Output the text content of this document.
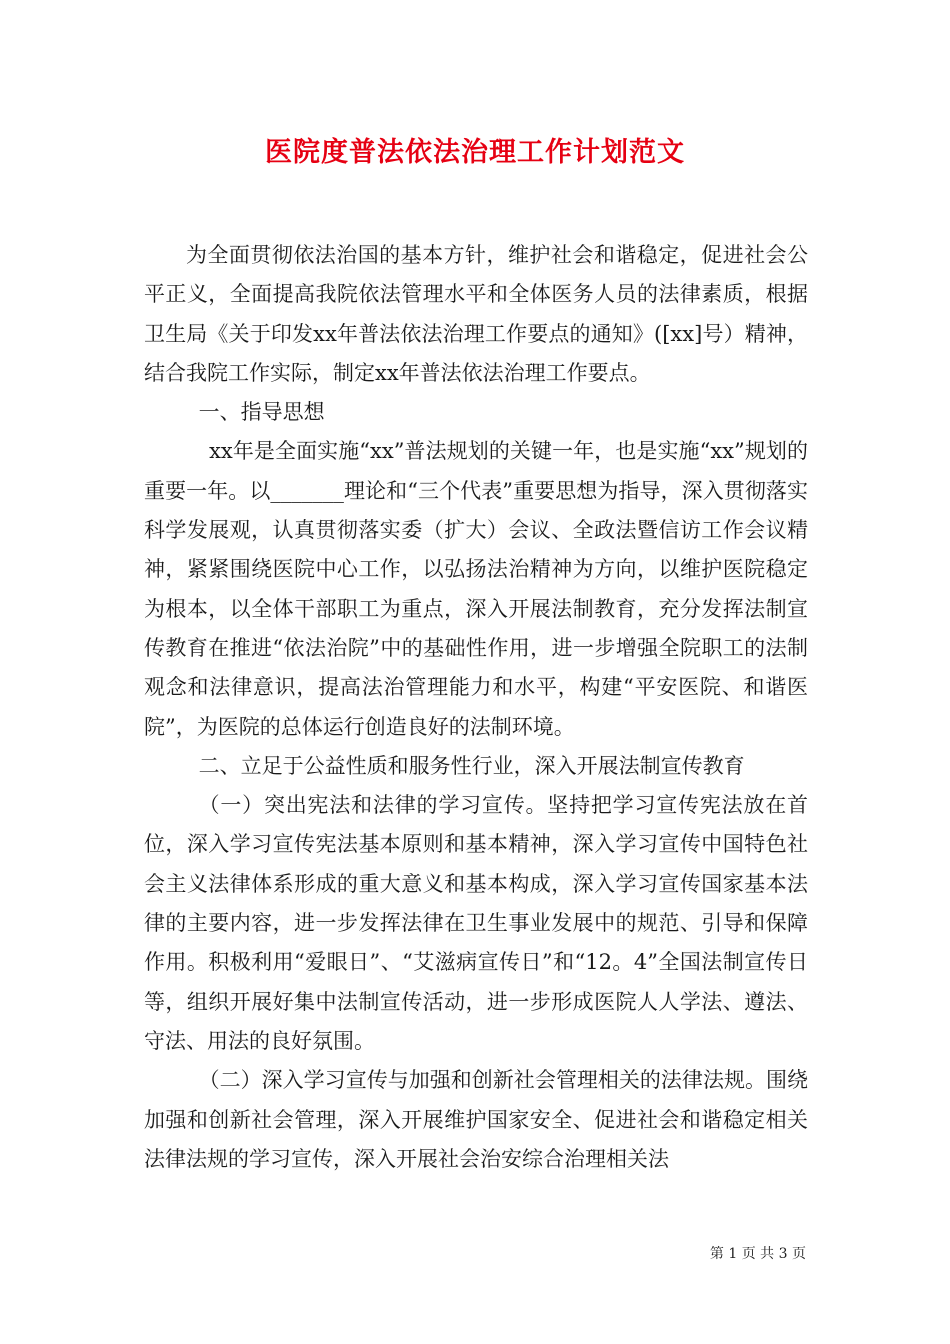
医院度普法依法治理工作计划范文

为全面贯彻依法治国的基本方针，维护社会和谐稳定，促进社会公平正义，全面提高我院依法管理水平和全体医务人员的法律素质，根据卫生局《关于印发xx年普法依法治理工作要点的通知》([xx]号）精神，结合我院工作实际，制定xx年普法依法治理工作要点。

一、指导思想

xx年是全面实施“xx”普法规划的关键一年，也是实施“xx”规划的重要一年。以_______理论和“三个代表”重要思想为指导，深入贯彻落实科学发展观，认真贯彻落实委（扩大）会议、全政法暨信访工作会议精神，紧紧围绕医院中心工作，以弘扬法治精神为方向，以维护医院稳定为根本，以全体干部职工为重点，深入开展法制教育，充分发挥法制宣传教育在推进“依法治院”中的基础性作用，进一步增强全院职工的法制观念和法律意识，提高法治管理能力和水平，构建“平安医院、和谐医院”，为医院的总体运行创造良好的法制环境。

二、立足于公益性质和服务性行业，深入开展法制宣传教育

（一）突出宪法和法律的学习宣传。坚持把学习宣传宪法放在首位，深入学习宣传宪法基本原则和基本精神，深入学习宣传中国特色社会主义法律体系形成的重大意义和基本构成，深入学习宣传国家基本法律的主要内容，进一步发挥法律在卫生事业发展中的规范、引导和保障作用。积极利用“爱眼日”、“艾滋病宣传日”和“12。4”全国法制宣传日等，组织开展好集中法制宣传活动，进一步形成医院人人学法、遵法、守法、用法的良好氛围。

（二）深入学习宣传与加强和创新社会管理相关的法律法规。围绕加强和创新社会管理，深入开展维护国家安全、促进社会和谐稳定相关法律法规的学习宣传，深入开展社会治安综合治理相关法

第 1 页 共 3 页
